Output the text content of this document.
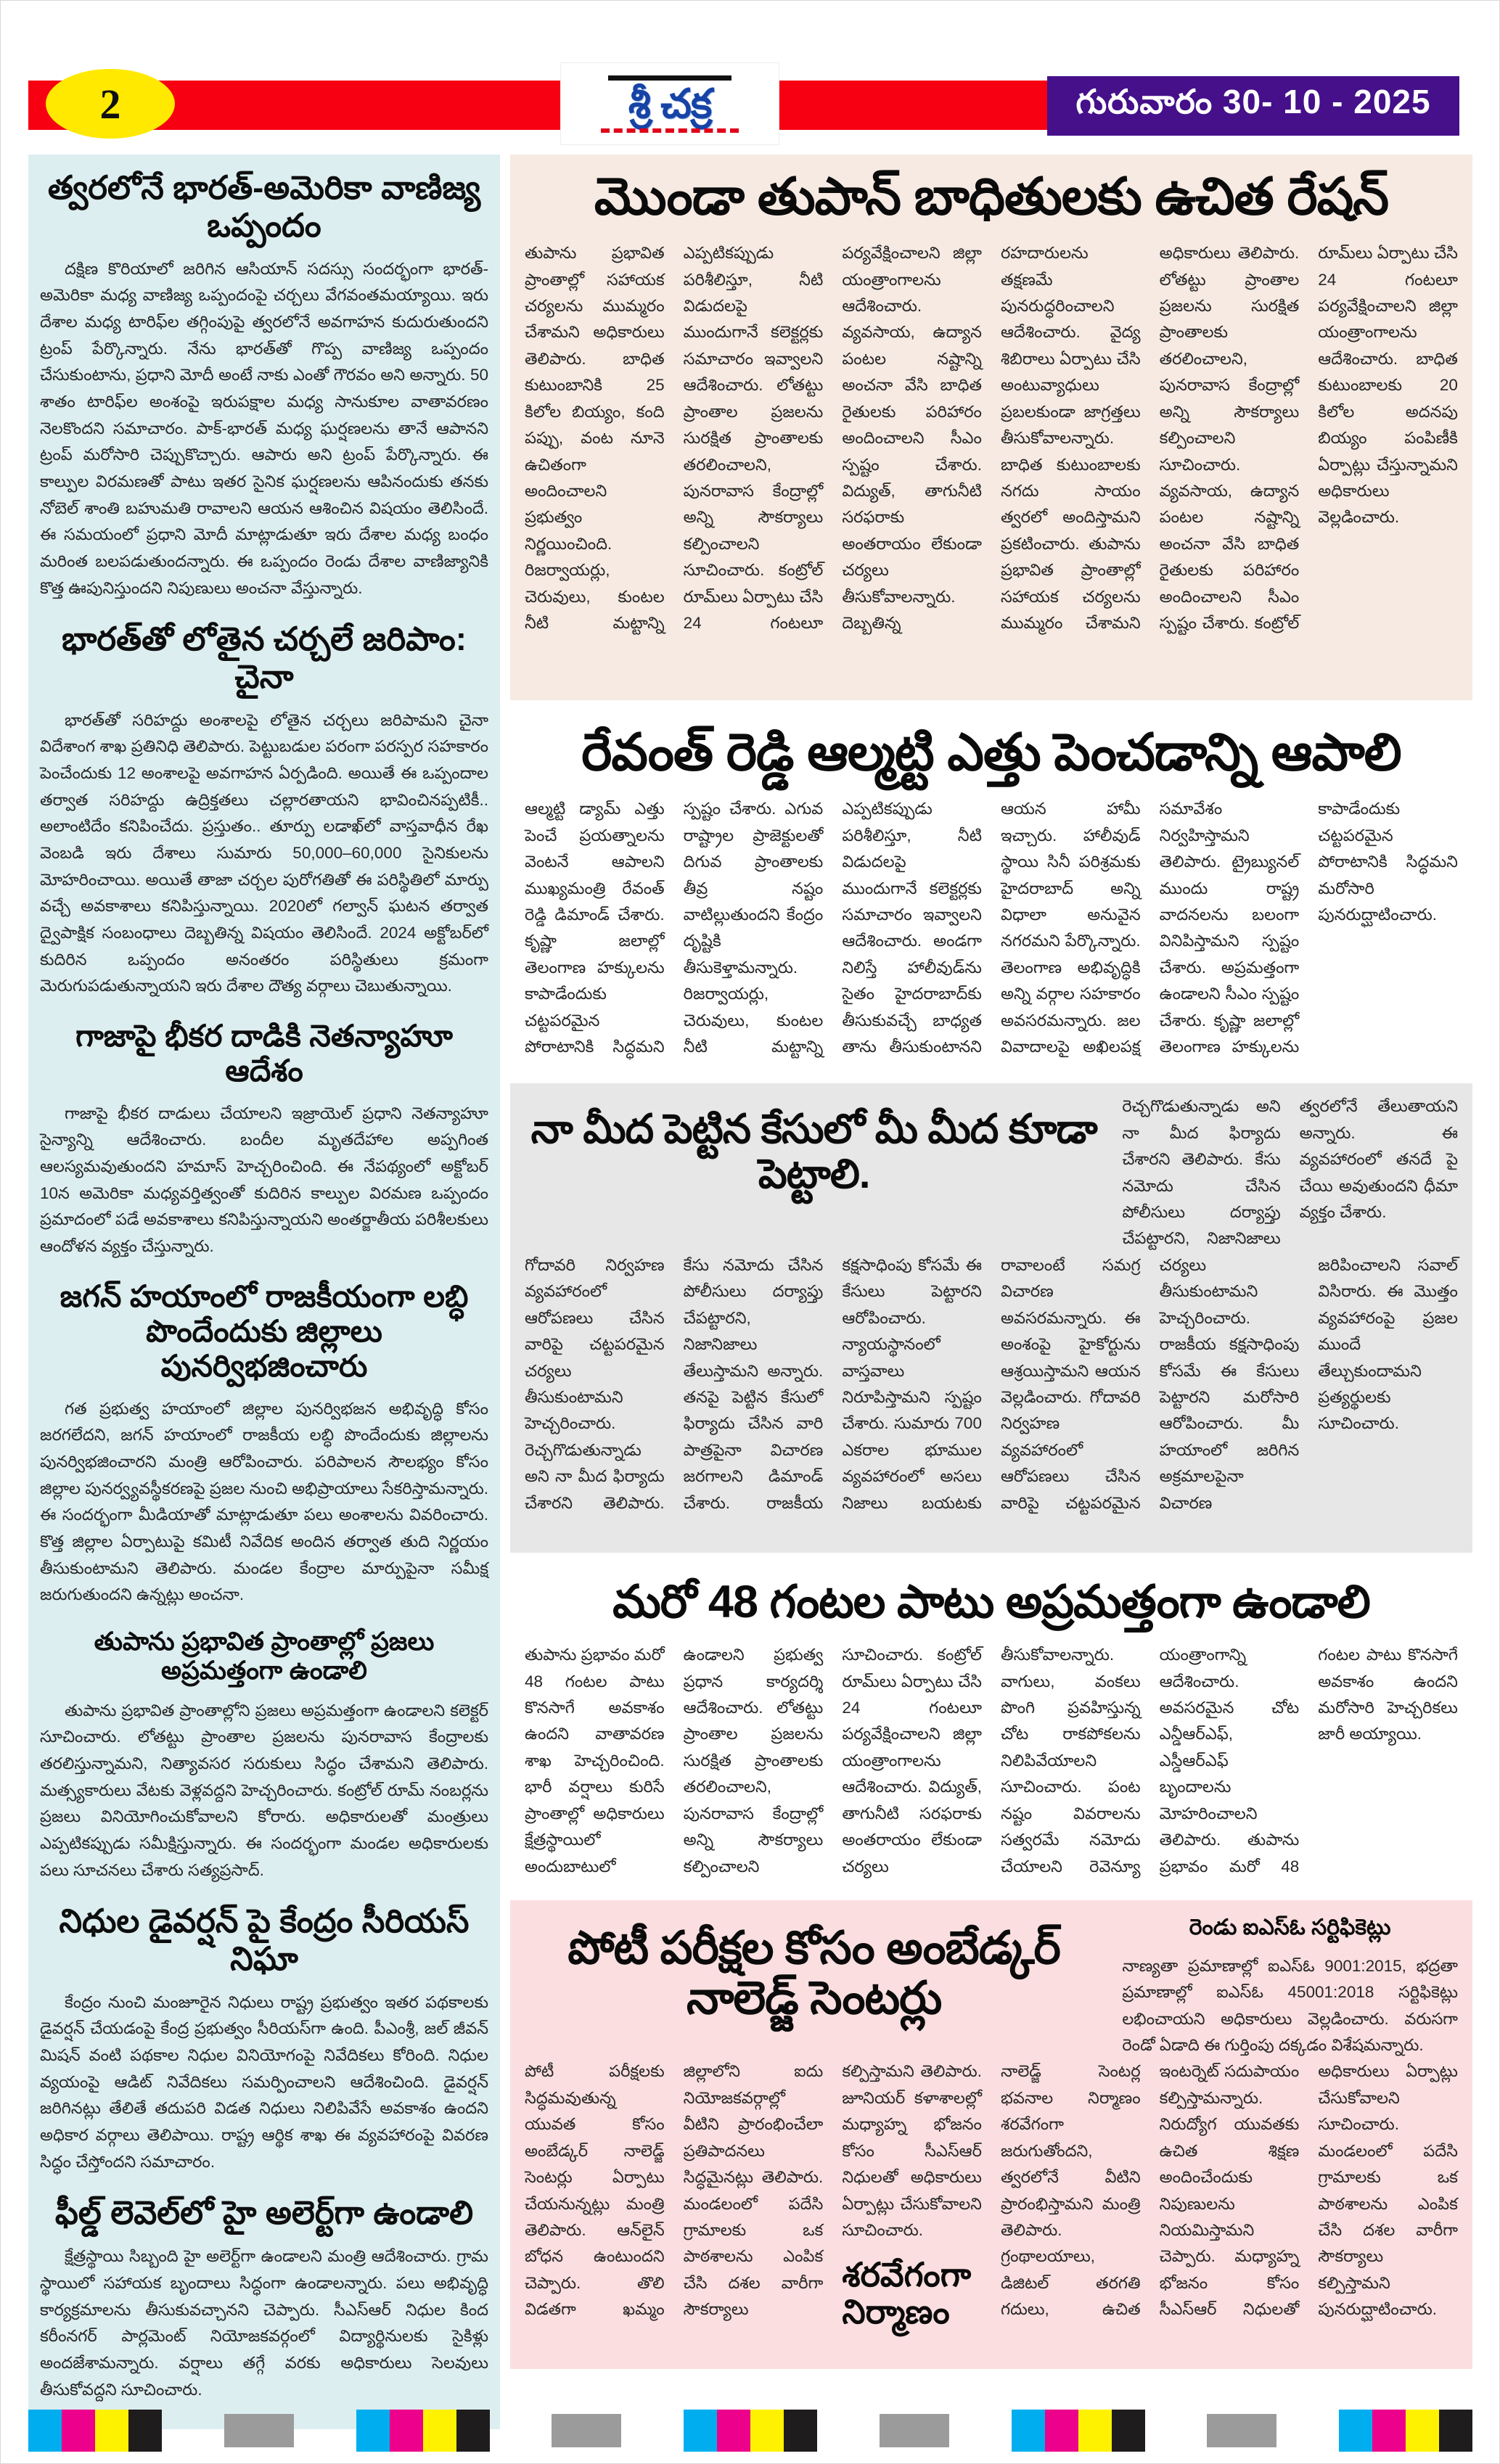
2	శ్రీ చక్ర	గురువారం 30- 10 - 2025
త్వరలోనే భారత్-అమెరికా వాణిజ్య ఒప్పందం
దక్షిణ కొరియాలో జరిగిన ఆసియాన్ సదస్సు సందర్భంగా భారత్-అమెరికా మధ్య వాణిజ్య ఒప్పందంపై చర్చలు వేగవంతమయ్యాయి. ఇరు దేశాల మధ్య టారిఫ్‌ల తగ్గింపుపై త్వరలోనే అవగాహన కుదురుతుందని ట్రంప్ పేర్కొన్నారు. నేను భారత్‌తో గొప్ప వాణిజ్య ఒప్పందం చేసుకుంటాను, ప్రధాని మోదీ అంటే నాకు ఎంతో గౌరవం అని అన్నారు. 50 శాతం టారిఫ్‌ల అంశంపై ఇరుపక్షాల మధ్య సానుకూల వాతావరణం నెలకొందని సమాచారం. పాక్-భారత్ మధ్య ఘర్షణలను తానే ఆపానని ట్రంప్ మరోసారి చెప్పుకొచ్చారు. ఆపారు అని ట్రంప్ పేర్కొన్నారు. ఈ కాల్పుల విరమణతో పాటు ఇతర సైనిక ఘర్షణలను ఆపినందుకు తనకు నోబెల్ శాంతి బహుమతి రావాలని ఆయన ఆశించిన విషయం తెలిసిందే. ఈ సమయంలో ప్రధాని మోదీ మాట్లాడుతూ ఇరు దేశాల మధ్య బంధం మరింత బలపడుతుందన్నారు. ఈ ఒప్పందం రెండు దేశాల వాణిజ్యానికి కొత్త ఊపునిస్తుందని నిపుణులు అంచనా వేస్తున్నారు.
భారత్‌తో లోతైన చర్చలే జరిపాం: చైనా
భారత్‌తో సరిహద్దు అంశాలపై లోతైన చర్చలు జరిపామని చైనా విదేశాంగ శాఖ ప్రతినిధి తెలిపారు. పెట్టుబడుల పరంగా పరస్పర సహకారం పెంచేందుకు 12 అంశాలపై అవగాహన ఏర్పడింది. అయితే ఈ ఒప్పందాల తర్వాత సరిహద్దు ఉద్రిక్తతలు చల్లారతాయని భావించినప్పటికీ.. అలాంటిదేం కనిపించేదు. ప్రస్తుతం.. తూర్పు లడాఖ్‌లో వాస్తవాధీన రేఖ వెంబడి ఇరు దేశాలు సుమారు 50,000–60,000 సైనికులను మోహరించాయి. అయితే తాజా చర్చల పురోగతితో ఈ పరిస్థితిలో మార్పు వచ్చే అవకాశాలు కనిపిస్తున్నాయి. 2020లో గల్వాన్ ఘటన తర్వాత ద్వైపాక్షిక సంబంధాలు దెబ్బతిన్న విషయం తెలిసిందే. 2024 అక్టోబర్‌లో కుదిరిన ఒప్పందం అనంతరం పరిస్థితులు క్రమంగా మెరుగుపడుతున్నాయని ఇరు దేశాల దౌత్య వర్గాలు చెబుతున్నాయి.
గాజాపై భీకర దాడికి నెతన్యాహూ ఆదేశం
గాజాపై భీకర దాడులు చేయాలని ఇజ్రాయెల్ ప్రధాని నెతన్యాహూ సైన్యాన్ని ఆదేశించారు. బందీల మృతదేహాల అప్పగింత ఆలస్యమవుతుందని హమాస్ హెచ్చరించింది. ఈ నేపథ్యంలో అక్టోబర్ 10న అమెరికా మధ్యవర్తిత్వంతో కుదిరిన కాల్పుల విరమణ ఒప్పందం ప్రమాదంలో పడే అవకాశాలు కనిపిస్తున్నాయని అంతర్జాతీయ పరిశీలకులు ఆందోళన వ్యక్తం చేస్తున్నారు.
జగన్ హయాంలో రాజకీయంగా లబ్ధి పొందేందుకు జిల్లాలు పునర్విభజించారు
గత ప్రభుత్వ హయాంలో జిల్లాల పునర్విభజన అభివృద్ధి కోసం జరగలేదని, జగన్ హయాంలో రాజకీయ లబ్ధి పొందేందుకు జిల్లాలను పునర్విభజించారని మంత్రి ఆరోపించారు. పరిపాలన సౌలభ్యం కోసం జిల్లాల పునర్వ్యవస్థీకరణపై ప్రజల నుంచి అభిప్రాయాలు సేకరిస్తామన్నారు. ఈ సందర్భంగా మీడియాతో మాట్లాడుతూ పలు అంశాలను వివరించారు. కొత్త జిల్లాల ఏర్పాటుపై కమిటీ నివేదిక అందిన తర్వాత తుది నిర్ణయం తీసుకుంటామని తెలిపారు. మండల కేంద్రాల మార్పుపైనా సమీక్ష జరుగుతుందని ఉన్నట్లు అంచనా.
తుపాను ప్రభావిత ప్రాంతాల్లో ప్రజలు అప్రమత్తంగా ఉండాలి
తుపాను ప్రభావిత ప్రాంతాల్లోని ప్రజలు అప్రమత్తంగా ఉండాలని కలెక్టర్ సూచించారు. లోతట్టు ప్రాంతాల ప్రజలను పునరావాస కేంద్రాలకు తరలిస్తున్నామని, నిత్యావసర సరుకులు సిద్ధం చేశామని తెలిపారు. మత్స్యకారులు వేటకు వెళ్లవద్దని హెచ్చరించారు. కంట్రోల్ రూమ్ నంబర్లను ప్రజలు వినియోగించుకోవాలని కోరారు. అధికారులతో మంత్రులు ఎప్పటికప్పుడు సమీక్షిస్తున్నారు. ఈ సందర్భంగా మండల అధికారులకు పలు సూచనలు చేశారు సత్యప్రసాద్.
నిధుల డైవర్షన్ పై కేంద్రం సీరియస్ నిఘా
కేంద్రం నుంచి మంజూరైన నిధులు రాష్ట్ర ప్రభుత్వం ఇతర పథకాలకు డైవర్షన్ చేయడంపై కేంద్ర ప్రభుత్వం సీరియస్‌గా ఉంది. పీఎంశ్రీ, జల్ జీవన్ మిషన్ వంటి పథకాల నిధుల వినియోగంపై నివేదికలు కోరింది. నిధుల వ్యయంపై ఆడిట్ నివేదికలు సమర్పించాలని ఆదేశించింది. డైవర్షన్ జరిగినట్లు తేలితే తదుపరి విడత నిధులు నిలిపివేసే అవకాశం ఉందని అధికార వర్గాలు తెలిపాయి. రాష్ట్ర ఆర్థిక శాఖ ఈ వ్యవహారంపై వివరణ సిద్ధం చేస్తోందని సమాచారం.
ఫీల్డ్ లెవెల్‌లో హై అలెర్ట్‌గా ఉండాలి
క్షేత్రస్థాయి సిబ్బంది హై అలెర్ట్‌గా ఉండాలని మంత్రి ఆదేశించారు. గ్రామ స్థాయిలో సహాయక బృందాలు సిద్ధంగా ఉండాలన్నారు. పలు అభివృద్ధి కార్యక్రమాలను తీసుకువచ్చానని చెప్పారు. సీఎస్ఆర్ నిధుల కింద కరీంనగర్ పార్లమెంట్ నియోజకవర్గంలో విద్యార్థినులకు సైకిళ్లు అందజేశామన్నారు. వర్షాలు తగ్గే వరకు అధికారులు సెలవులు తీసుకోవద్దని సూచించారు.
మొండా తుపాన్ బాధితులకు ఉచిత రేషన్
తుపాను ప్రభావిత ప్రాంతాల్లో సహాయక చర్యలను ముమ్మరం చేశామని అధికారులు తెలిపారు. బాధిత కుటుంబానికి 25 కిలోల బియ్యం, కంది పప్పు, వంట నూనె ఉచితంగా అందించాలని ప్రభుత్వం నిర్ణయించింది. రిజర్వాయర్లు, చెరువులు, కుంటల నీటి మట్టాన్ని ఎప్పటికప్పుడు పరిశీలిస్తూ, నీటి విడుదలపై ముందుగానే కలెక్టర్లకు సమాచారం ఇవ్వాలని ఆదేశించారు. లోతట్టు ప్రాంతాల ప్రజలను సురక్షిత ప్రాంతాలకు తరలించాలని, పునరావాస కేంద్రాల్లో అన్ని సౌకర్యాలు కల్పించాలని సూచించారు. కంట్రోల్ రూమ్‌లు ఏర్పాటు చేసి 24 గంటలూ పర్యవేక్షించాలని జిల్లా యంత్రాంగాలను ఆదేశించారు. వ్యవసాయ, ఉద్యాన పంటల నష్టాన్ని అంచనా వేసి బాధిత రైతులకు పరిహారం అందించాలని సీఎం స్పష్టం చేశారు. విద్యుత్, తాగునీటి సరఫరాకు అంతరాయం లేకుండా చర్యలు తీసుకోవాలన్నారు. దెబ్బతిన్న రహదారులను తక్షణమే పునరుద్ధరించాలని ఆదేశించారు. వైద్య శిబిరాలు ఏర్పాటు చేసి అంటువ్యాధులు ప్రబలకుండా జాగ్రత్తలు తీసుకోవాలన్నారు. బాధిత కుటుంబాలకు నగదు సాయం త్వరలో అందిస్తామని ప్రకటించారు. తుపాను ప్రభావిత ప్రాంతాల్లో సహాయక చర్యలను ముమ్మరం చేశామని అధికారులు తెలిపారు. లోతట్టు ప్రాంతాల ప్రజలను సురక్షిత ప్రాంతాలకు తరలించాలని, పునరావాస కేంద్రాల్లో అన్ని సౌకర్యాలు కల్పించాలని సూచించారు. వ్యవసాయ, ఉద్యాన పంటల నష్టాన్ని అంచనా వేసి బాధిత రైతులకు పరిహారం అందించాలని సీఎం స్పష్టం చేశారు. కంట్రోల్ రూమ్‌లు ఏర్పాటు చేసి 24 గంటలూ పర్యవేక్షించాలని జిల్లా యంత్రాంగాలను ఆదేశించారు. బాధిత కుటుంబాలకు 20 కిలోల అదనపు బియ్యం పంపిణీకి ఏర్పాట్లు చేస్తున్నామని అధికారులు వెల్లడించారు.
రేవంత్ రెడ్డి ఆల్మట్టి ఎత్తు పెంచడాన్ని ఆపాలి
ఆల్మట్టి డ్యామ్ ఎత్తు పెంచే ప్రయత్నాలను వెంటనే ఆపాలని ముఖ్యమంత్రి రేవంత్ రెడ్డి డిమాండ్ చేశారు. కృష్ణా జలాల్లో తెలంగాణ హక్కులను కాపాడేందుకు చట్టపరమైన పోరాటానికి సిద్ధమని స్పష్టం చేశారు. ఎగువ రాష్ట్రాల ప్రాజెక్టులతో దిగువ ప్రాంతాలకు తీవ్ర నష్టం వాటిల్లుతుందని కేంద్రం దృష్టికి తీసుకెళ్తామన్నారు. రిజర్వాయర్లు, చెరువులు, కుంటల నీటి మట్టాన్ని ఎప్పటికప్పుడు పరిశీలిస్తూ, నీటి విడుదలపై ముందుగానే కలెక్టర్లకు సమాచారం ఇవ్వాలని ఆదేశించారు. అండగా నిలిస్తే హాలీవుడ్‌ను సైతం హైదరాబాద్‌కు తీసుకువచ్చే బాధ్యత తాను తీసుకుంటానని ఆయన హామీ ఇచ్చారు. హాలీవుడ్ స్థాయి సినీ పరిశ్రమకు హైదరాబాద్ అన్ని విధాలా అనువైన నగరమని పేర్కొన్నారు. తెలంగాణ అభివృద్ధికి అన్ని వర్గాల సహకారం అవసరమన్నారు. జల వివాదాలపై అఖిలపక్ష సమావేశం నిర్వహిస్తామని తెలిపారు. ట్రైబ్యునల్ ముందు రాష్ట్ర వాదనలను బలంగా వినిపిస్తామని స్పష్టం చేశారు. అప్రమత్తంగా ఉండాలని సీఎం స్పష్టం చేశారు. కృష్ణా జలాల్లో తెలంగాణ హక్కులను కాపాడేందుకు చట్టపరమైన పోరాటానికి సిద్ధమని మరోసారి పునరుద్ఘాటించారు.
నా మీద పెట్టిన కేసులో మీ మీద కూడా పెట్టాలి.
రెచ్చగొడుతున్నాడు అని నా మీద ఫిర్యాదు చేశారని తెలిపారు. కేసు నమోదు చేసిన పోలీసులు దర్యాప్తు చేపట్టారని, నిజానిజాలు త్వరలోనే తేలుతాయని అన్నారు. ఈ వ్యవహారంలో తనదే పై చేయి అవుతుందని ధీమా వ్యక్తం చేశారు.
గోదావరి నిర్వహణ వ్యవహారంలో ఆరోపణలు చేసిన వారిపై చట్టపరమైన చర్యలు తీసుకుంటామని హెచ్చరించారు. రెచ్చగొడుతున్నాడు అని నా మీద ఫిర్యాదు చేశారని తెలిపారు. కేసు నమోదు చేసిన పోలీసులు దర్యాప్తు చేపట్టారని, నిజానిజాలు తేలుస్తామని అన్నారు. తనపై పెట్టిన కేసులో ఫిర్యాదు చేసిన వారి పాత్రపైనా విచారణ జరగాలని డిమాండ్ చేశారు. రాజకీయ కక్షసాధింపు కోసమే ఈ కేసులు పెట్టారని ఆరోపించారు. న్యాయస్థానంలో వాస్తవాలు నిరూపిస్తామని స్పష్టం చేశారు. సుమారు 700 ఎకరాల భూముల వ్యవహారంలో అసలు నిజాలు బయటకు రావాలంటే సమగ్ర విచారణ అవసరమన్నారు. ఈ అంశంపై హైకోర్టును ఆశ్రయిస్తామని ఆయన వెల్లడించారు. గోదావరి నిర్వహణ వ్యవహారంలో ఆరోపణలు చేసిన వారిపై చట్టపరమైన చర్యలు తీసుకుంటామని హెచ్చరించారు. రాజకీయ కక్షసాధింపు కోసమే ఈ కేసులు పెట్టారని మరోసారి ఆరోపించారు. మీ హయాంలో జరిగిన అక్రమాలపైనా విచారణ జరిపించాలని సవాల్ విసిరారు. ఈ మొత్తం వ్యవహారంపై ప్రజల ముందే తేల్చుకుందామని ప్రత్యర్థులకు సూచించారు.
మరో 48 గంటల పాటు అప్రమత్తంగా ఉండాలి
తుపాను ప్రభావం మరో 48 గంటల పాటు కొనసాగే అవకాశం ఉందని వాతావరణ శాఖ హెచ్చరించింది. భారీ వర్షాలు కురిసే ప్రాంతాల్లో అధికారులు క్షేత్రస్థాయిలో అందుబాటులో ఉండాలని ప్రభుత్వ ప్రధాన కార్యదర్శి ఆదేశించారు. లోతట్టు ప్రాంతాల ప్రజలను సురక్షిత ప్రాంతాలకు తరలించాలని, పునరావాస కేంద్రాల్లో అన్ని సౌకర్యాలు కల్పించాలని సూచించారు. కంట్రోల్ రూమ్‌లు ఏర్పాటు చేసి 24 గంటలూ పర్యవేక్షించాలని జిల్లా యంత్రాంగాలను ఆదేశించారు. విద్యుత్, తాగునీటి సరఫరాకు అంతరాయం లేకుండా చర్యలు తీసుకోవాలన్నారు. వాగులు, వంకలు పొంగి ప్రవహిస్తున్న చోట రాకపోకలను నిలిపివేయాలని సూచించారు. పంట నష్టం వివరాలను సత్వరమే నమోదు చేయాలని రెవెన్యూ యంత్రాంగాన్ని ఆదేశించారు. అవసరమైన చోట ఎన్డీఆర్ఎఫ్, ఎస్డీఆర్ఎఫ్ బృందాలను మోహరించాలని తెలిపారు. తుపాను ప్రభావం మరో 48 గంటల పాటు కొనసాగే అవకాశం ఉందని మరోసారి హెచ్చరికలు జారీ అయ్యాయి.
పోటీ పరీక్షల కోసం అంబేడ్కర్ నాలెడ్జ్ సెంటర్లు
రెండు ఐఎస్ఓ సర్టిఫికెట్లు
నాణ్యతా ప్రమాణాల్లో ఐఎస్ఓ 9001:2015, భద్రతా ప్రమాణాల్లో ఐఎస్ఓ 45001:2018 సర్టిఫికెట్లు లభించాయని అధికారులు వెల్లడించారు. వరుసగా రెండో ఏడాది ఈ గుర్తింపు దక్కడం విశేషమన్నారు.
పోటీ పరీక్షలకు సిద్ధమవుతున్న యువత కోసం అంబేడ్కర్ నాలెడ్జ్ సెంటర్లు ఏర్పాటు చేయనున్నట్లు మంత్రి తెలిపారు. ఆన్‌లైన్ బోధన ఉంటుందని చెప్పారు. తొలి విడతగా ఖమ్మం జిల్లాలోని ఐదు నియోజకవర్గాల్లో వీటిని ప్రారంభించేలా ప్రతిపాదనలు సిద్ధమైనట్లు తెలిపారు. మండలంలో పదేసి గ్రామాలకు ఒక పాఠశాలను ఎంపిక చేసి దశల వారీగా సౌకర్యాలు కల్పిస్తామని తెలిపారు. జూనియర్ కళాశాలల్లో మధ్యాహ్న భోజనం కోసం సీఎస్ఆర్ నిధులతో అధికారులు ఏర్పాట్లు చేసుకోవాలని సూచించారు.
శరవేగంగా నిర్మాణం
నాలెడ్జ్ సెంటర్ల భవనాల నిర్మాణం శరవేగంగా జరుగుతోందని, త్వరలోనే వీటిని ప్రారంభిస్తామని మంత్రి తెలిపారు. గ్రంథాలయాలు, డిజిటల్ తరగతి గదులు, ఉచిత ఇంటర్నెట్ సదుపాయం కల్పిస్తామన్నారు. నిరుద్యోగ యువతకు ఉచిత శిక్షణ అందించేందుకు నిపుణులను నియమిస్తామని చెప్పారు. మధ్యాహ్న భోజనం కోసం సీఎస్ఆర్ నిధులతో అధికారులు ఏర్పాట్లు చేసుకోవాలని సూచించారు. మండలంలో పదేసి గ్రామాలకు ఒక పాఠశాలను ఎంపిక చేసి దశల వారీగా సౌకర్యాలు కల్పిస్తామని పునరుద్ఘాటించారు.
